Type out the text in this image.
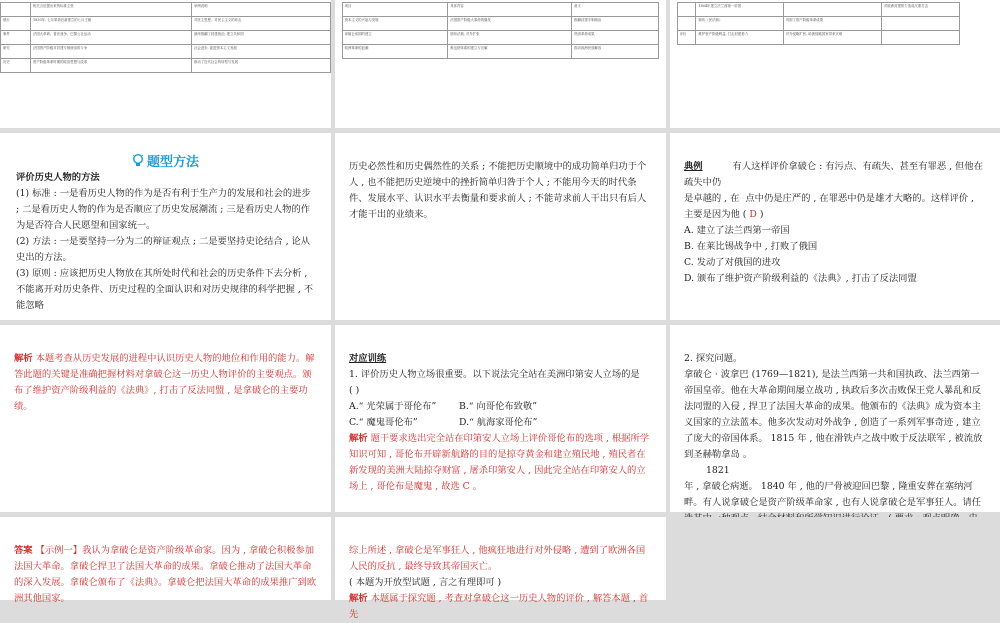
	相关言论提出来的标准主张	举例说明
德行	1830年, 七月革命后新建立的七月王朝	对民主思想、对民主主义的冲击
事件	法国大革命、普法战争、巴黎公社运动	最终推翻了封建统治, 建立共和国
研究	法国资产阶级对封建专制统治的斗争	社会进步, 促进资本主义发展
历史	资产阶级革命时期的政治思想与改革	推动了近代社会的转型与发展
项目	具体内容	意义
资本主义的兴起与发展	法国资产阶级大革命的爆发	推翻封建专制统治
拿破仑帝国的建立	颁布法典, 对外扩张	巩固革命成果
欧洲革命的浪潮	维也纳体系的建立与瓦解	推动欧洲民族解放
	1804年建立法兰西第一帝国		对欧洲封建势力造成沉重打击
	颁布《民法典》	巩固了资产阶级革命成果	
评价	维护资产阶级利益, 打击封建势力	对外侵略扩张, 给被侵略国家带来灾难	
题型方法
评价历史人物的方法
(1) 标准 : 一是看历史人物的作为是否有利于生产力的发展和社会的进步 ; 二是看历史人物的作为是否顺应了历史发展潮流 ; 三是看历史人物的作为是否符合人民愿望和国家统一。
(2) 方法 : 一是要坚持一分为二的辩证观点 ; 二是要坚持史论结合 , 论从史出的方法。
(3) 原则 : 应该把历史人物放在其所处时代和社会的历史条件下去分析 , 不能离开对历史条件、历史过程的全面认识和对历史规律的科学把握 , 不能忽略
历史必然性和历史偶然性的关系 ; 不能把历史顺境中的成功简单归功于个人 , 也不能把历史逆境中的挫折简单归咎于个人 ; 不能用今天的时代条件、发展水平、认识水平去衡量和要求前人 ; 不能苛求前人干出只有后人才能干出的业绩来。
典例	有人这样评价拿破仑 : 有污点、有疏失、甚至有罪恶 , 但他在疏失中仍
是卓越的 , 在 点中仍是庄严的 , 在罪恶中仍是雄才大略的。这样评价 , 主要是因为他 ( D )
A. 建立了法兰西第一帝国
B. 在莱比锡战争中 , 打败了俄国
C. 发动了对俄国的进攻
D. 颁布了维护资产阶级利益的《法典》, 打击了反法同盟
解析 本题考查从历史发展的进程中认识历史人物的地位和作用的能力。解答此题的关键是准确把握材料对拿破仑这一历史人物评价的主要观点。颁布了维护资产阶级利益的《法典》, 打击了反法同盟 , 是拿破仑的主要功绩。
对应训练
1. 评价历史人物立场很重要。以下说法完全站在美洲印第安人立场的是
( )
A.“ 光荣属于哥伦布”	B.“ 向哥伦布致敬”
C.“ 魔鬼哥伦布”	D.“ 航海家哥伦布”
解析 题干要求选出完全站在印第安人立场上评价哥伦布的选项 , 根据所学知识可知 , 哥伦布开辟新航路的目的是掠夺黄金和建立殖民地 , 殖民者在新发现的美洲大陆掠夺财富 , 屠杀印第安人 , 因此完全站在印第安人的立场上 , 哥伦布是魔鬼 , 故选 C 。
2. 探究问题。
拿破仑 · 波拿巴 (1769—1821), 是法兰西第一共和国执政、法兰西第一帝国皇帝。他在大革命期间屡立战功 , 执政后多次击败保王党人暴乱和反法同盟的入侵 , 捍卫了法国大革命的成果。他颁布的《法典》成为资本主义国家的立法蓝本。他多次发动对外战争 , 创造了一系列军事奇迹 , 建立了庞大的帝国体系。 1815 年 , 他在滑铁卢之战中败于反法联军 , 被流放到圣赫勒拿岛 。
1821
年 , 拿破仑病逝。 1840 年 , 他的尸骨被迎回巴黎 , 隆重安葬在塞纳河畔。有人说拿破仑是资产阶级革命家 , 也有人说拿破仑是军事狂人。请任
答案 【示例一】我认为拿破仑是资产阶级革命家。因为 , 拿破仑积极参加法国大革命。拿破仑捍卫了法国大革命的成果。拿破仑推动了法国大革命的深入发展。拿破仑颁布了《法典》。拿破仑把法国大革命的成果推广到欧洲其他国家。
综上所述 , 拿破仑是军事狂人 , 他疯狂地进行对外侵略 , 遭到了欧洲各国人民的反抗 , 最终导致其帝国灭亡。
( 本题为开放型试题 , 言之有理即可 )
解析 本题属于探究题 , 考查对拿破仑这一历史人物的评价 , 解答本题 , 首先
